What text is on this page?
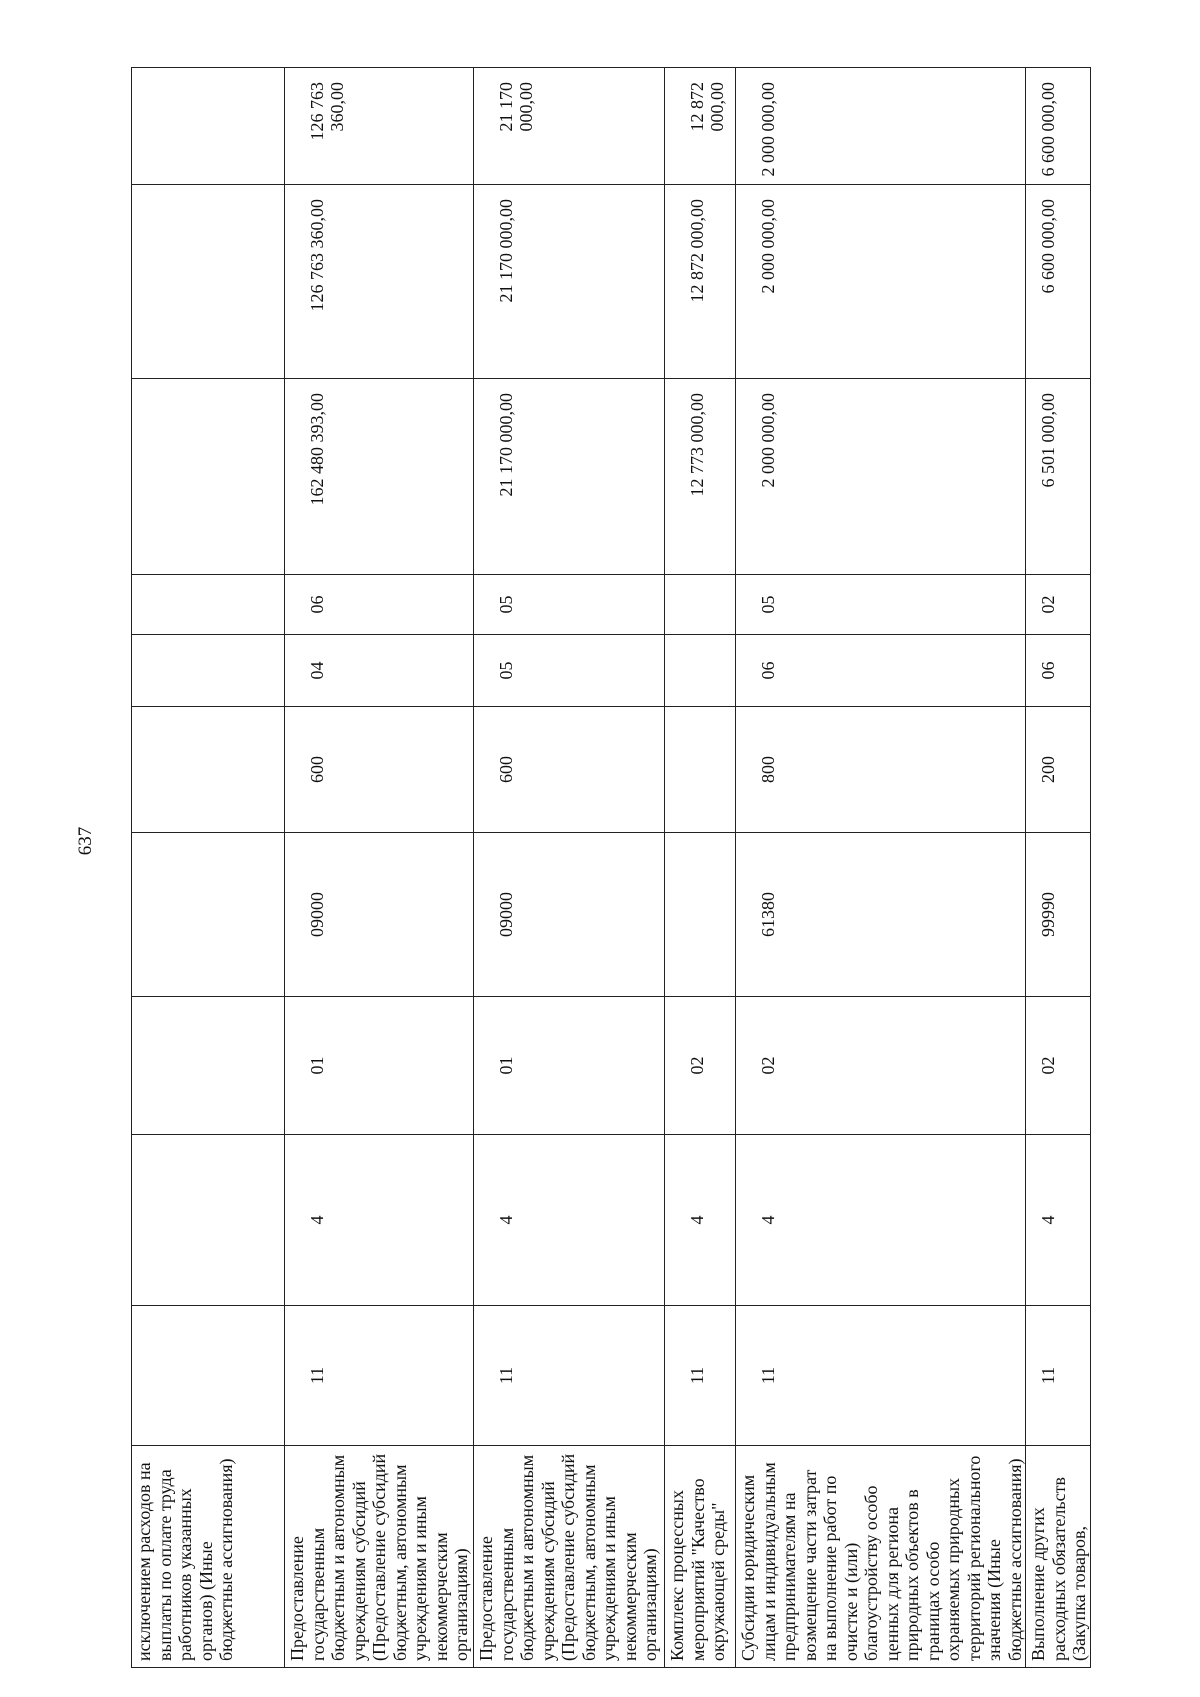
637
исключением расходов на выплаты по оплате труда работников указанных органов) (Иные бюджетные ассигнования)										
Предоставление государственным бюджетным и автономным учреждениям субсидий (Предоставление субсидий бюджетным, автономным учреждениям и иным некоммерческим организациям)	11	4	01	09000	600	04	06	162 480 393,00	126 763 360,00	126 763 360,00
Предоставление государственным бюджетным и автономным учреждениям субсидий (Предоставление субсидий бюджетным, автономным учреждениям и иным некоммерческим организациям)	11	4	01	09000	600	05	05	21 170 000,00	21 170 000,00	21 170 000,00
Комплекс процессных мероприятий "Качество окружающей среды"	11	4	02					12 773 000,00	12 872 000,00	12 872 000,00
Субсидии юридическим лицам и индивидуальным предпринимателям на возмещение части затрат на выполнение работ по очистке и (или) благоустройству особо ценных для региона природных объектов в границах особо охраняемых природных территорий регионального значения (Иные бюджетные ассигнования)	11	4	02	61380	800	06	05	2 000 000,00	2 000 000,00	2 000 000,00
Выполнение других расходных обязательств (Закупка товаров,	11	4	02	99990	200	06	02	6 501 000,00	6 600 000,00	6 600 000,00
